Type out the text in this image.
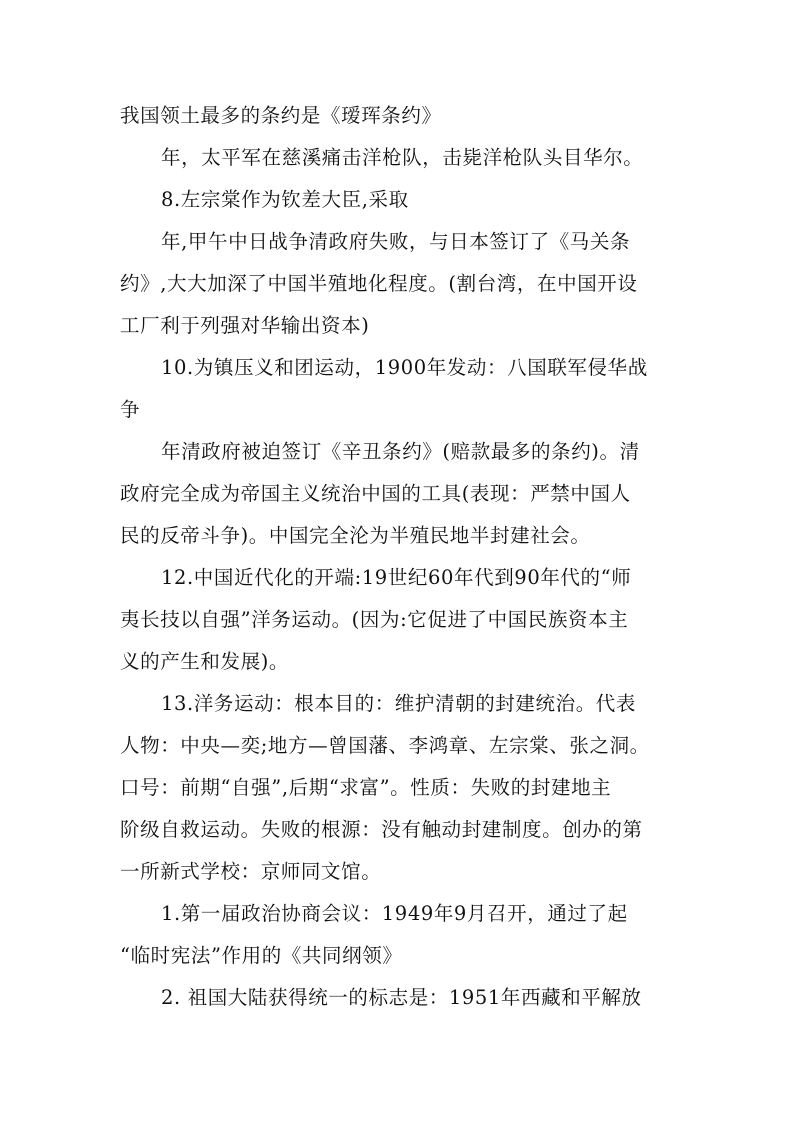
我国领土最多的条约是《瑷珲条约》
年，太平军在慈溪痛击洋枪队，击毙洋枪队头目华尔。
8.左宗棠作为钦差大臣,采取
年,甲午中日战争清政府失败，与日本签订了《马关条
约》,大大加深了中国半殖地化程度。(割台湾，在中国开设
工厂利于列强对华输出资本)
10.为镇压义和团运动，1900年发动：八国联军侵华战
争
年清政府被迫签订《辛丑条约》(赔款最多的条约)。清
政府完全成为帝国主义统治中国的工具(表现：严禁中国人
民的反帝斗争)。中国完全沦为半殖民地半封建社会。
12.中国近代化的开端:19世纪60年代到90年代的“师
夷长技以自强”洋务运动。(因为:它促进了中国民族资本主
义的产生和发展)。
13.洋务运动：根本目的：维护清朝的封建统治。代表
人物：中央—奕;地方—曾国藩、李鸿章、左宗棠、张之洞。
口号：前期“自强”,后期“求富”。性质：失败的封建地主
阶级自救运动。失败的根源：没有触动封建制度。创办的第
一所新式学校：京师同文馆。
1.第一届政治协商会议：1949年9月召开，通过了起
“临时宪法”作用的《共同纲领》
2. 祖国大陆获得统一的标志是：1951年西藏和平解放
